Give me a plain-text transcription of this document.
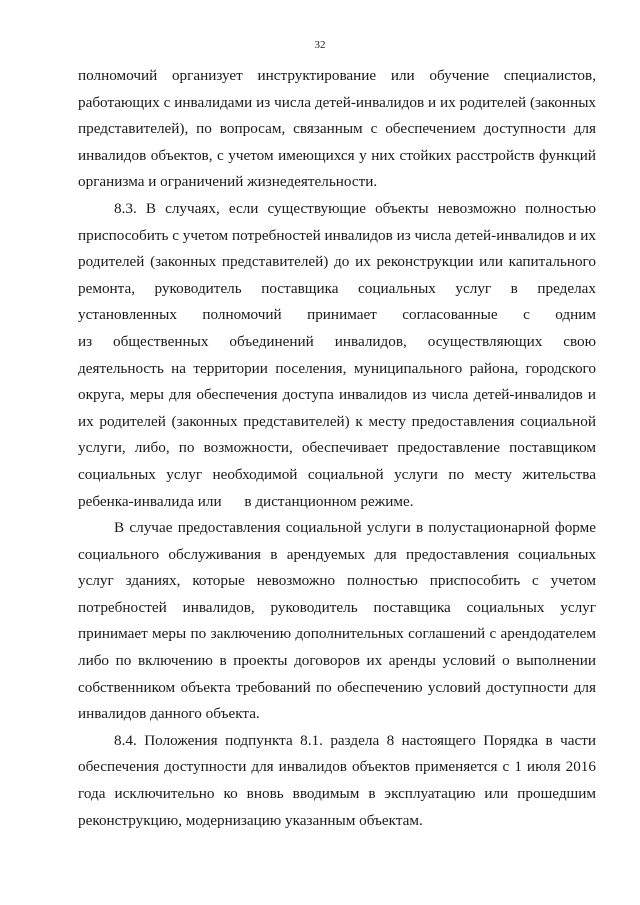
32
полномочий организует инструктирование или обучение специалистов,
работающих с инвалидами из числа детей-инвалидов и их родителей (законных
представителей), по вопросам, связанным с обеспечением доступности для
инвалидов объектов, с учетом имеющихся у них стойких расстройств функций
организма и ограничений жизнедеятельности.
8.3. В случаях, если существующие объекты невозможно полностью
приспособить с учетом потребностей инвалидов из числа детей-инвалидов и их
родителей (законных представителей) до их реконструкции или капитального
ремонта, руководитель поставщика социальных услуг в пределах
установленных полномочий принимает согласованные с одним
из общественных объединений инвалидов, осуществляющих свою
деятельность на территории поселения, муниципального района, городского
округа, меры для обеспечения доступа инвалидов из числа детей-инвалидов и
их родителей (законных представителей) к месту предоставления социальной
услуги, либо, по возможности, обеспечивает предоставление поставщиком
социальных услуг необходимой социальной услуги по месту жительства
ребенка-инвалида или      в дистанционном режиме.
В случае предоставления социальной услуги в полустационарной форме
социального обслуживания в арендуемых для предоставления социальных
услуг зданиях, которые невозможно полностью приспособить с учетом
потребностей инвалидов, руководитель поставщика социальных услуг
принимает меры по заключению дополнительных соглашений с арендодателем
либо по включению в проекты договоров их аренды условий о выполнении
собственником объекта требований по обеспечению условий доступности для
инвалидов данного объекта.
8.4. Положения подпункта 8.1. раздела 8 настоящего Порядка в части
обеспечения доступности для инвалидов объектов применяется с 1 июля 2016
года исключительно ко вновь вводимым в эксплуатацию или прошедшим
реконструкцию, модернизацию указанным объектам.
